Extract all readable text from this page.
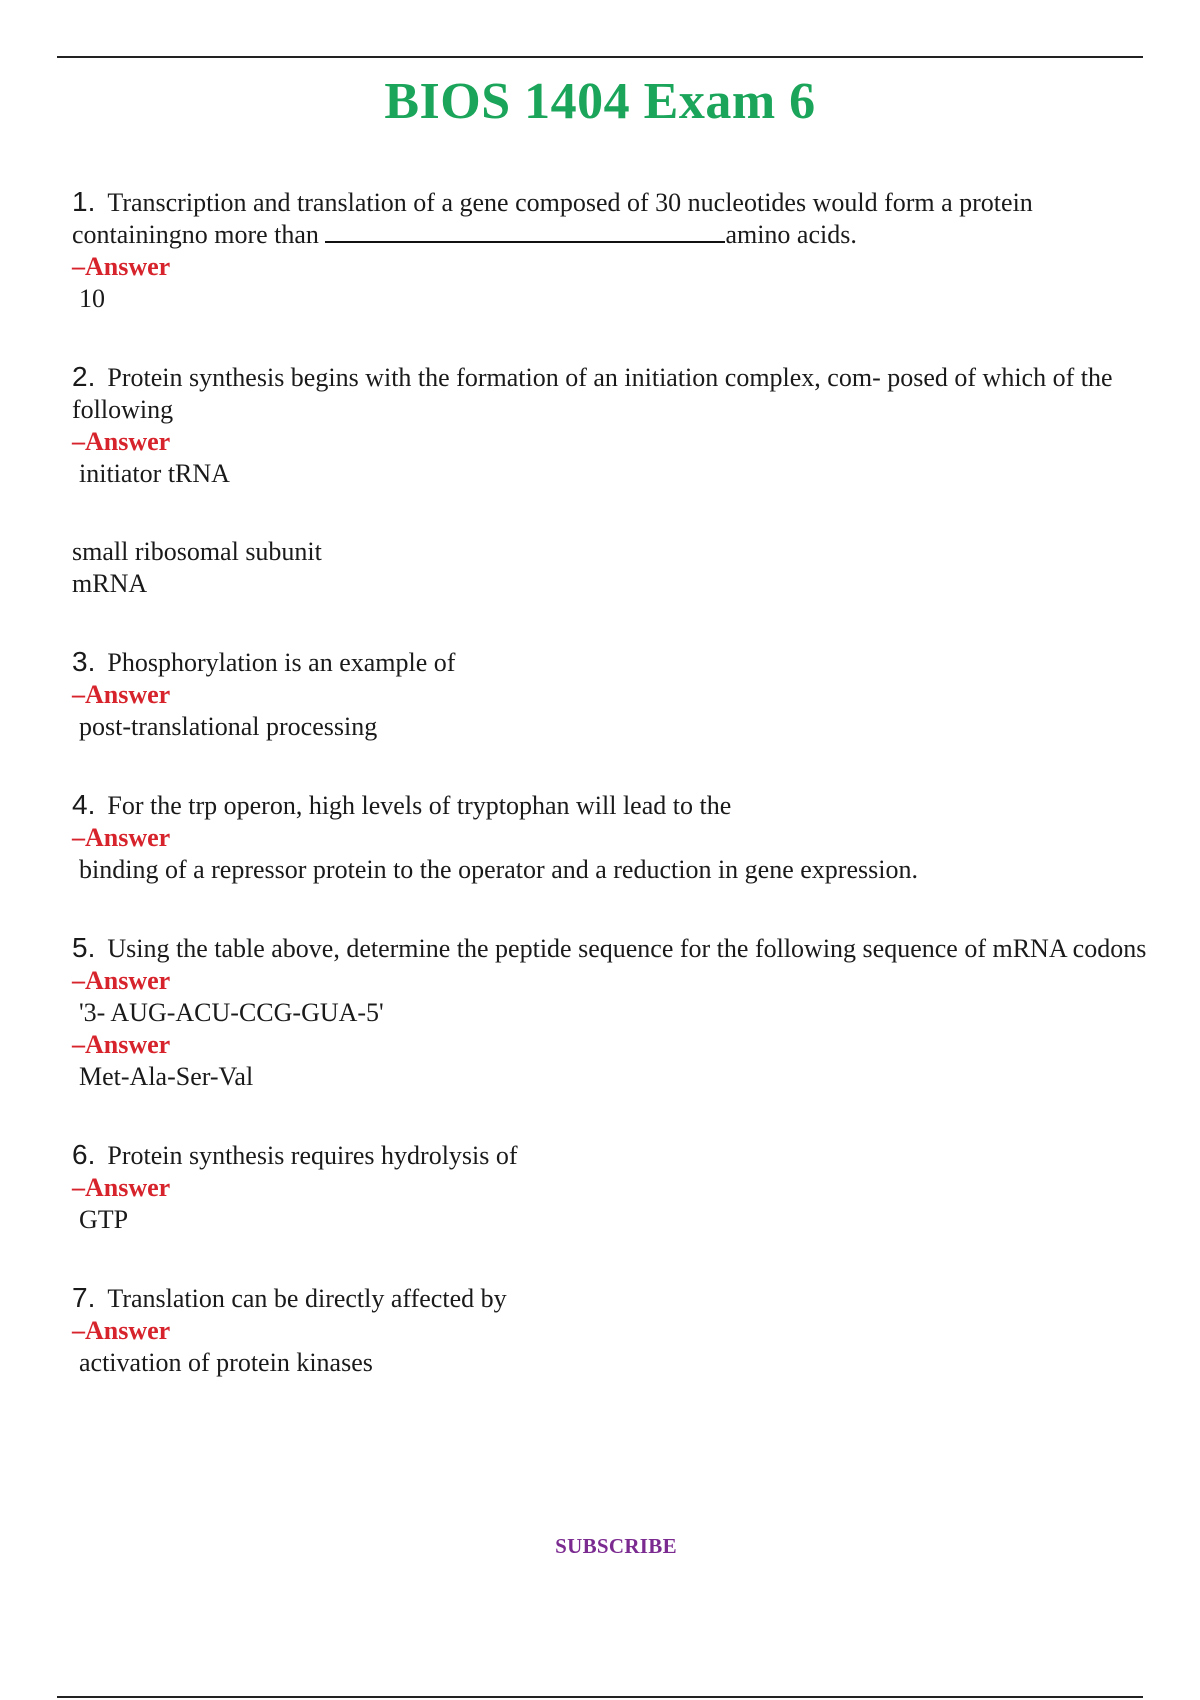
BIOS 1404 Exam 6

1. Transcription and translation of a gene composed of 30 nucleotides would form a protein containingno more than	amino acids.

–Answer
10

2. Protein synthesis begins with the formation of an initiation complex, com- posed of which of the following

–Answer
initiator tRNA
small ribosomal subunit
mRNA

3. Phosphorylation is an example of

–Answer
post-translational processing

4. For the trp operon, high levels of tryptophan will lead to the

–Answer
binding of a repressor protein to the operator and a reduction in gene expression.

5. Using the table above, determine the peptide sequence for the following sequence of mRNA codons

–Answer
'3- AUG-ACU-CCG-GUA-5'
–Answer
Met-Ala-Ser-Val

6. Protein synthesis requires hydrolysis of

–Answer
GTP

7. Translation can be directly affected by

–Answer
activation of protein kinases
SUBSCRIBE
